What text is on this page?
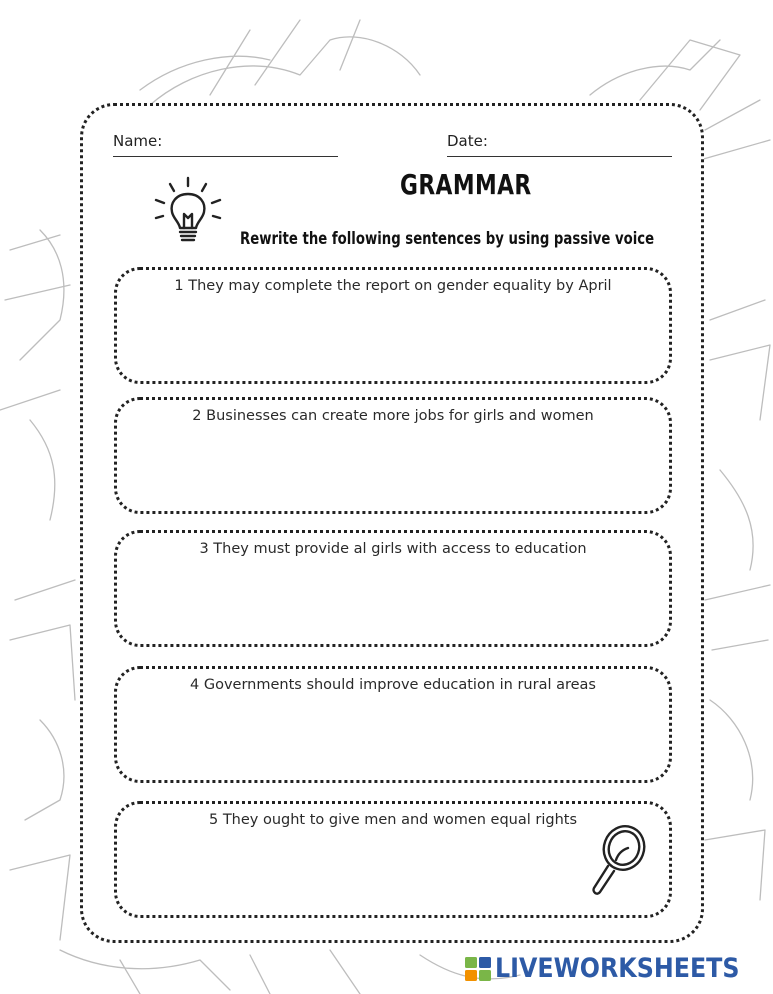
Name:	Date:
GRAMMAR
Rewrite the following sentences by using passive voice
1 They may complete the report on gender equality by April
2 Businesses can create more jobs for girls and women
3 They must provide al girls with access to education
4 Governments should improve education in rural areas
5 They ought to give men and women equal rights
LIVEWORKSHEETS
